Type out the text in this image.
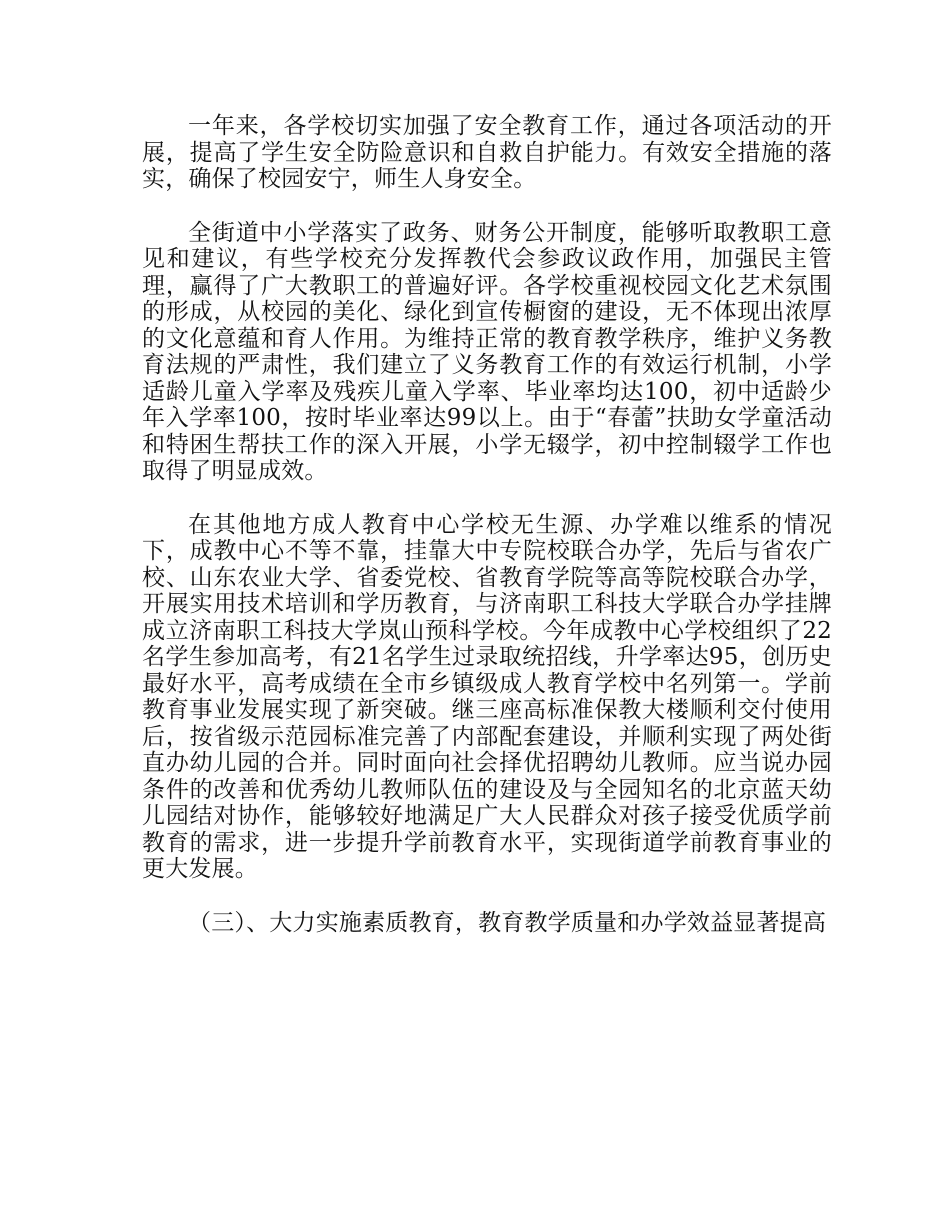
一年来，各学校切实加强了安全教育工作，通过各项活动的开展，提高了学生安全防险意识和自救自护能力。有效安全措施的落实，确保了校园安宁，师生人身安全。

全街道中小学落实了政务、财务公开制度，能够听取教职工意见和建议，有些学校充分发挥教代会参政议政作用，加强民主管理，赢得了广大教职工的普遍好评。各学校重视校园文化艺术氛围的形成，从校园的美化、绿化到宣传橱窗的建设，无不体现出浓厚的文化意蕴和育人作用。为维持正常的教育教学秩序，维护义务教育法规的严肃性，我们建立了义务教育工作的有效运行机制，小学适龄儿童入学率及残疾儿童入学率、毕业率均达100，初中适龄少年入学率100，按时毕业率达99以上。由于“春蕾”扶助女学童活动和特困生帮扶工作的深入开展，小学无辍学，初中控制辍学工作也取得了明显成效。

在其他地方成人教育中心学校无生源、办学难以维系的情况下，成教中心不等不靠，挂靠大中专院校联合办学，先后与省农广校、山东农业大学、省委党校、省教育学院等高等院校联合办学，开展实用技术培训和学历教育，与济南职工科技大学联合办学挂牌成立济南职工科技大学岚山预科学校。今年成教中心学校组织了22名学生参加高考，有21名学生过录取统招线，升学率达95，创历史最好水平，高考成绩在全市乡镇级成人教育学校中名列第一。学前教育事业发展实现了新突破。继三座高标准保教大楼顺利交付使用后，按省级示范园标准完善了内部配套建设，并顺利实现了两处街直办幼儿园的合并。同时面向社会择优招聘幼儿教师。应当说办园条件的改善和优秀幼儿教师队伍的建设及与全园知名的北京蓝天幼儿园结对协作，能够较好地满足广大人民群众对孩子接受优质学前教育的需求，进一步提升学前教育水平，实现街道学前教育事业的更大发展。

（三）、大力实施素质教育，教育教学质量和办学效益显著提高
